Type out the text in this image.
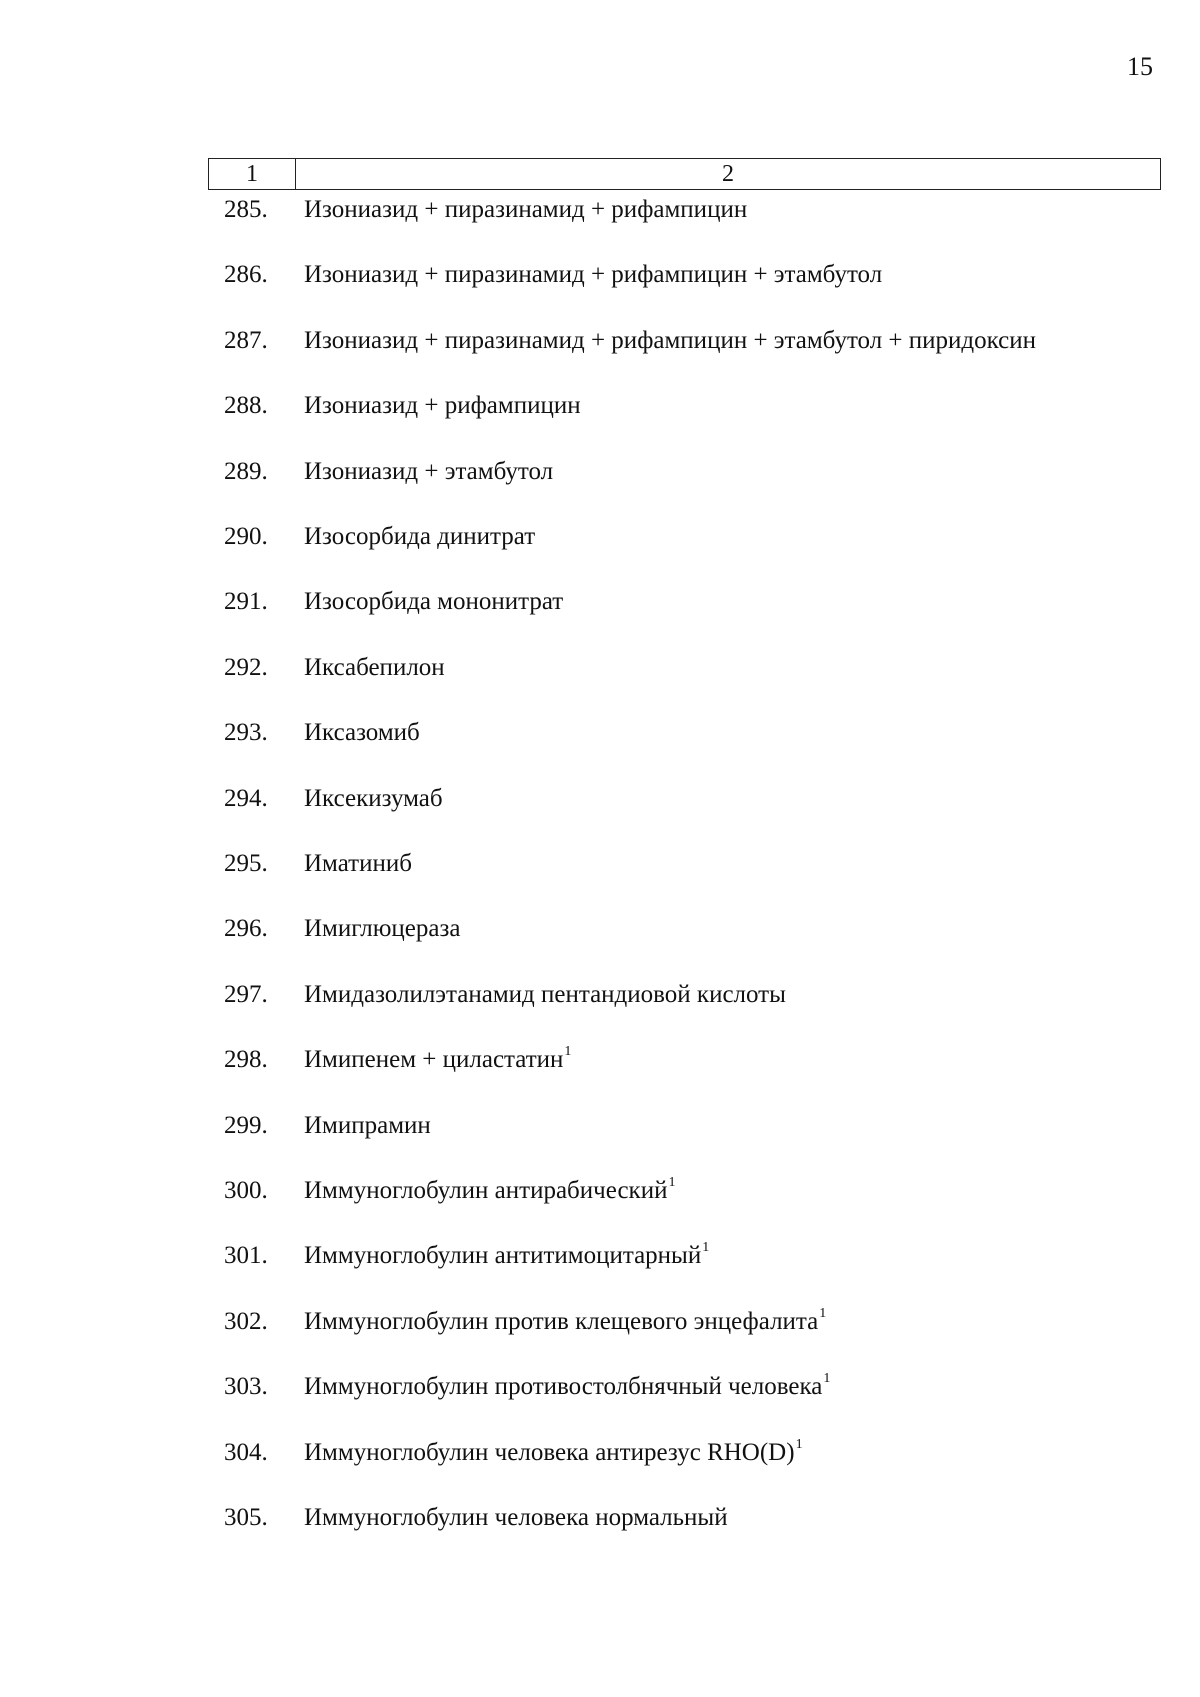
15
1	2
285.	Изониазид + пиразинамид + рифампицин
286.	Изониазид + пиразинамид + рифампицин + этамбутол
287.	Изониазид + пиразинамид + рифампицин + этамбутол + пиридоксин
288.	Изониазид + рифампицин
289.	Изониазид + этамбутол
290.	Изосорбида динитрат
291.	Изосорбида мононитрат
292.	Иксабепилон
293.	Иксазомиб
294.	Иксекизумаб
295.	Иматиниб
296.	Имиглюцераза
297.	Имидазолилэтанамид пентандиовой кислоты
298.	Имипенем + циластатин$^1$
299.	Имипрамин
300.	Иммуноглобулин антирабический$^1$
301.	Иммуноглобулин антитимоцитарный$^1$
302.	Иммуноглобулин против клещевого энцефалита$^1$
303.	Иммуноглобулин противостолбнячный человека$^1$
304.	Иммуноглобулин человека антирезус $RHO(D)^1$
305.	Иммуноглобулин человека нормальный
